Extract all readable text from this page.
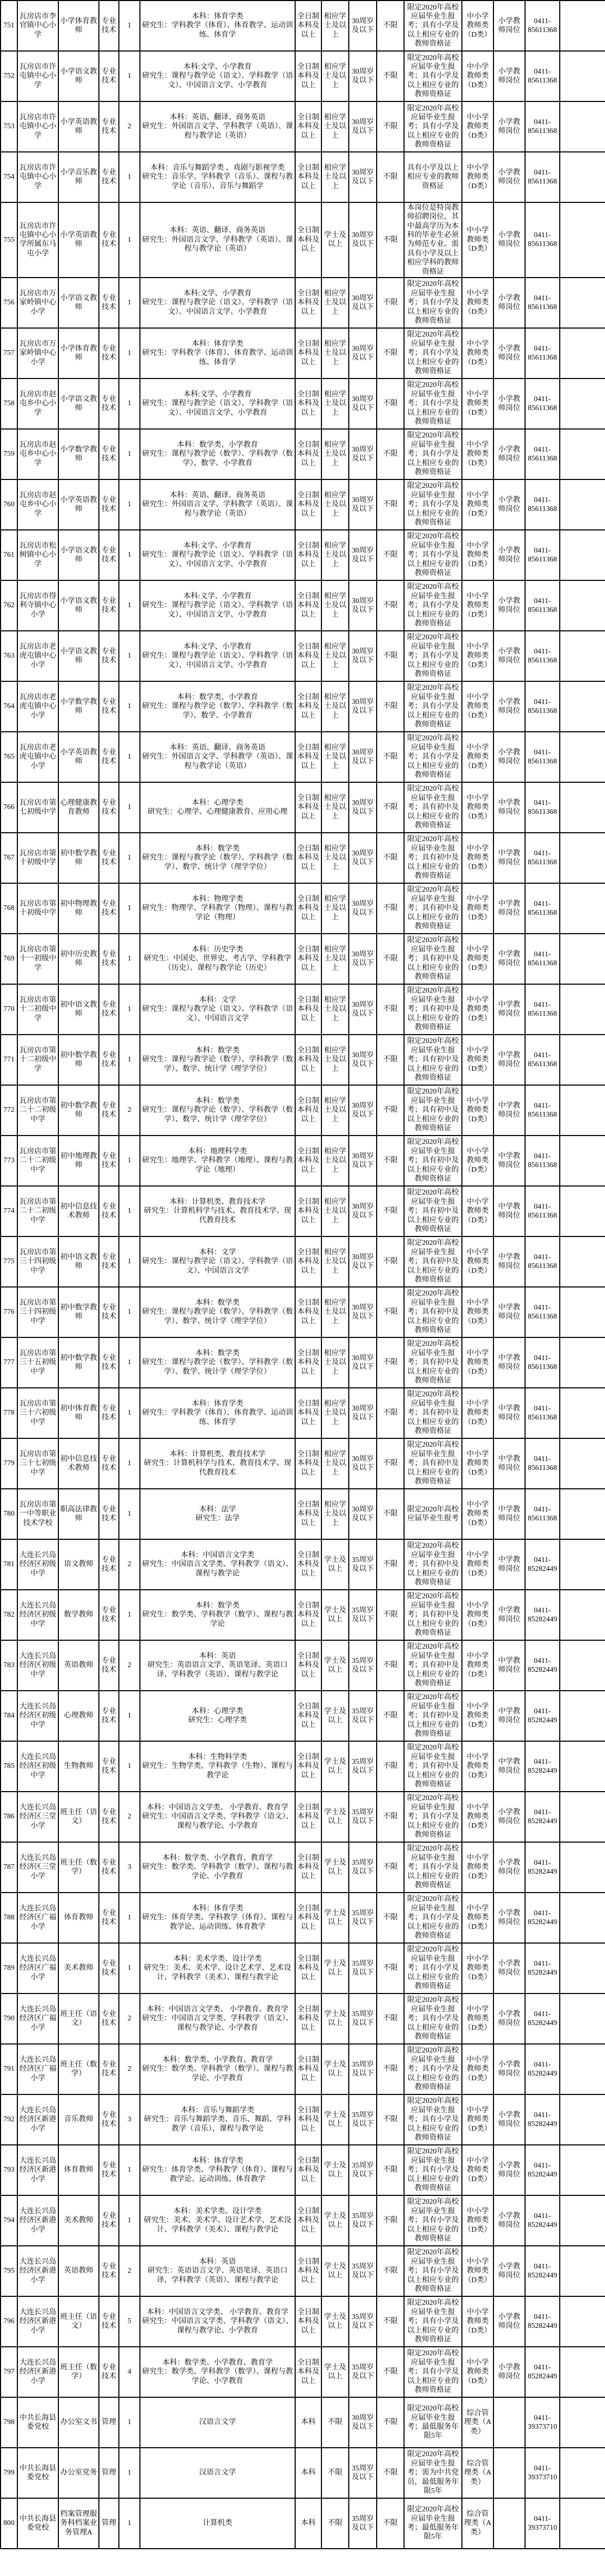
751	瓦房店市李官镇中心小学	小学体育教师	专业技术	1	本科：体育学类
研究生：学科教学（体育）、体育教学、运动训练、体育学	全日制本科及以上	相应学士及以上	30周岁及以下	不限	限定2020年高校应届毕业生报考；具有小学及以上相应专业的教师资格证	中小学教师类（D类）	小学教师岗位	0411-85611368	
752	瓦房店市许屯镇中心小学	小学语文教师	专业技术	1	本科:文学、小学教育
研究生：课程与教学论（语文）、学科教学（语文）、中国语言文学、小学教育	全日制本科及以上	相应学士及以上	30周岁及以下	不限	限定2020年高校应届毕业生报考；具有小学及以上相应专业的教师资格证	中小学教师类（D类）	小学教师岗位	0411-85611368	
753	瓦房店市许屯镇中心小学	小学英语教师	专业技术	2	本科：英语、翻译、商务英语
研究生：外国语言文学、学科教学（英语）、课程与教学论（英语）	全日制本科及以上	相应学士及以上	30周岁及以下	不限	限定2020年高校应届毕业生报考；具有小学及以上相应专业的教师资格证	中小学教师类（D类）	小学教师岗位	0411-85611368	
754	瓦房店市许屯镇中心小学	小学音乐教师	专业技术	1	本科：音乐与舞蹈学类 、戏剧与影视学类
研究生：音乐学、学科教学（音乐）、课程与教学论（音乐）、音乐与舞蹈学	全日制本科及以上	相应学士及以上	30周岁及以下	不限	具有小学及以上相应专业的教师资格证	中小学教师类（D类）	小学教师岗位	0411-85611368	
755	瓦房店市许屯镇中心小学所属东马屯小学	小学英语教师	专业技术	1	本科：英语、翻译、商务英语
研究生：外国语言文学、学科教学（英语）、课程与教学论（英语）	全日制本科及以上	学士及以上	30周岁及以下	不限	本岗位是特岗教师招聘岗位，其中最高学历为本科的毕业生必须为师范专业。需具有小学及以上相应学科的教师资格证	中小学教师类（D类）	小学教师岗位	0411-85611368	
756	瓦房店市万家岭镇中心小学	小学语文教师	专业技术	1	本科:文学、小学教育
研究生：课程与教学论（语文）、学科教学（语文）、中国语言文学、小学教育	全日制本科及以上	相应学士及以上	30周岁及以下	不限	限定2020年高校应届毕业生报考；具有小学及以上相应专业的教师资格证	中小学教师类（D类）	小学教师岗位	0411-85611368	
757	瓦房店市万家岭镇中心小学	小学体育教师	专业技术	1	本科：体育学类
研究生：学科教学（体育）、体育教学、运动训练、体育学	全日制本科及以上	相应学士及以上	30周岁及以下	不限	限定2020年高校应届毕业生报考；具有小学及以上相应专业的教师资格证	中小学教师类（D类）	小学教师岗位	0411-85611368	
758	瓦房店市赵屯乡中心小学	小学语文教师	专业技术	1	本科:文学、小学教育
研究生：课程与教学论（语文）、学科教学（语文）、中国语言文学、小学教育	全日制本科及以上	相应学士及以上	30周岁及以下	不限	限定2020年高校应届毕业生报考；具有小学及以上相应专业的教师资格证	中小学教师类（D类）	小学教师岗位	0411-85611368	
759	瓦房店市赵屯乡中心小学	小学数学教师	专业技术	1	本科：数学类、小学教育
研究生：课程与教学论（数学）、学科教学（数学）、数学、小学教育	全日制本科及以上	相应学士及以上	30周岁及以下	不限	限定2020年高校应届毕业生报考；具有小学及以上相应专业的教师资格证	中小学教师类（D类）	小学教师岗位	0411-85611368	
760	瓦房店市赵屯乡中心小学	小学英语教师	专业技术	1	本科：英语、翻译、商务英语
研究生：外国语言文学、学科教学（英语）、课程与教学论（英语）	全日制本科及以上	相应学士及以上	30周岁及以下	不限	限定2020年高校应届毕业生报考；具有小学及以上相应专业的教师资格证	中小学教师类（D类）	小学教师岗位	0411-85611368	
761	瓦房店市松树镇中心小学	小学语文教师	专业技术	1	本科:文学、小学教育
研究生：课程与教学论（语文）、学科教学（语文）、中国语言文学、小学教育	全日制本科及以上	相应学士及以上	30周岁及以下	不限	限定2020年高校应届毕业生报考；具有小学及以上相应专业的教师资格证	中小学教师类（D类）	小学教师岗位	0411-85611368	
762	瓦房店市得利寺镇中心小学	小学语文教师	专业技术	1	本科:文学、小学教育
研究生：课程与教学论（语文）、学科教学（语文）、中国语言文学、小学教育	全日制本科及以上	相应学士及以上	30周岁及以下	不限	限定2020年高校应届毕业生报考；具有小学及以上相应专业的教师资格证	中小学教师类（D类）	小学教师岗位	0411-85611368	
763	瓦房店市老虎屯镇中心小学	小学语文教师	专业技术	1	本科:文学、小学教育
研究生：课程与教学论（语文）、学科教学（语文）、中国语言文学、小学教育	全日制本科及以上	相应学士及以上	30周岁及以下	不限	限定2020年高校应届毕业生报考；具有小学及以上相应专业的教师资格证	中小学教师类（D类）	小学教师岗位	0411-85611368	
764	瓦房店市老虎屯镇中心小学	小学数学教师	专业技术	1	本科：数学类、小学教育
研究生：课程与教学论（数学）、学科教学（数学）、数学、小学教育	全日制本科及以上	相应学士及以上	30周岁及以下	不限	限定2020年高校应届毕业生报考；具有小学及以上相应专业的教师资格证	中小学教师类（D类）	小学教师岗位	0411-85611368	
765	瓦房店市老虎屯镇中心小学	小学英语教师	专业技术	1	本科：英语、翻译、商务英语
研究生：外国语言文学、学科教学（英语）、课程与教学论（英语）	全日制本科及以上	相应学士及以上	30周岁及以下	不限	限定2020年高校应届毕业生报考；具有小学及以上相应专业的教师资格证	中小学教师类（D类）	小学教师岗位	0411-85611368	
766	瓦房店市第七初级中学	心理健康教育教师	专业技术	1	本科：心理学类
研究生：心理学、心理健康教育、应用心理	全日制本科及以上	相应学士及以上	30周岁及以下	不限	限定2020年高校应届毕业生报考；具有初中及以上相应专业的教师资格证	中小学教师类（D类）	中学教师岗位	0411-85611368	
767	瓦房店市第十初级中学	初中数学教师	专业技术	1	本科：数学类
研究生：课程与教学论（数学）、学科教学（数学）、数学、统计学（理学学位）	全日制本科及以上	相应学士及以上	30周岁及以下	不限	限定2020年高校应届毕业生报考；具有初中及以上相应专业的教师资格证	中小学教师类（D类）	中学教师岗位	0411-85611368	
768	瓦房店市第十初级中学	初中物理教师	专业技术	1	本科：物理学类
研究生：物理学、学科教学（物理）、课程与教学论（物理）	全日制本科及以上	相应学士及以上	30周岁及以下	不限	限定2020年高校应届毕业生报考；具有初中及以上相应专业的教师资格证	中小学教师类（D类）	中学教师岗位	0411-85611368	
769	瓦房店市第十一初级中学	初中历史教师	专业技术	1	本科：历史学类
研究生：中国史、世界史、考古学、学科教学（历史）、课程与教学论（历史）	全日制本科及以上	相应学士及以上	30周岁及以下	不限	限定2020年高校应届毕业生报考；具有初中及以上相应专业的教师资格证	中小学教师类（D类）	中学教师岗位	0411-85611368	
770	瓦房店市第十二初级中学	初中语文教师	专业技术	1	本科：文学
研究生：课程与教学论（语文）、学科教学（语文）、中国语言文学	全日制本科及以上	相应学士及以上	30周岁及以下	不限	限定2020年高校应届毕业生报考；具有初中及以上相应专业的教师资格证	中小学教师类（D类）	中学教师岗位	0411-85611368	
771	瓦房店市第十二初级中学	初中数学教师	专业技术	1	本科：数学类
研究生：课程与教学论（数学）、学科教学（数学）、数学、统计学（理学学位）	全日制本科及以上	相应学士及以上	30周岁及以下	不限	限定2020年高校应届毕业生报考；具有初中及以上相应专业的教师资格证	中小学教师类（D类）	中学教师岗位	0411-85611368	
772	瓦房店市第二十二初级中学	初中数学教师	专业技术	2	本科：数学类
研究生：课程与教学论（数学）、学科教学（数学）、数学、统计学（理学学位）	全日制本科及以上	相应学士及以上	30周岁及以下	不限	限定2020年高校应届毕业生报考；具有初中及以上相应专业的教师资格证	中小学教师类（D类）	中学教师岗位	0411-85611368	
773	瓦房店市第二十二初级中学	初中地理教师	专业技术	1	本科：地理科学类
研究生：地理学、学科教学（地理）、课程与教学论（地理）	全日制本科及以上	相应学士及以上	30周岁及以下	不限	限定2020年高校应届毕业生报考；具有初中及以上相应专业的教师资格证	中小学教师类（D类）	中学教师岗位	0411-85611368	
774	瓦房店市第二十二初级中学	初中信息技术教师	专业技术	1	本科：计算机类、教育技术学
研究生：计算机科学与技术、教育技术学、现代教育技术	全日制本科及以上	相应学士及以上	30周岁及以下	不限	限定2020年高校应届毕业生报考；具有初中及以上相应专业的教师资格证	中小学教师类（D类）	中学教师岗位	0411-85611368	
775	瓦房店市第三十四初级中学	初中语文教师	专业技术	1	本科：文学
研究生：课程与教学论（语文）、学科教学（语文）、中国语言文学	全日制本科及以上	相应学士及以上	30周岁及以下	不限	限定2020年高校应届毕业生报考；具有初中及以上相应专业的教师资格证	中小学教师类（D类）	中学教师岗位	0411-85611368	
776	瓦房店市第三十四初级中学	初中数学教师	专业技术	1	本科：数学类
研究生：课程与教学论（数学）、学科教学（数学）、数学、统计学（理学学位）	全日制本科及以上	相应学士及以上	30周岁及以下	不限	限定2020年高校应届毕业生报考；具有初中及以上相应专业的教师资格证	中小学教师类（D类）	中学教师岗位	0411-85611368	
777	瓦房店市第三十五初级中学	初中数学教师	专业技术	1	本科：数学类
研究生：课程与教学论（数学）、学科教学（数学）、数学、统计学（理学学位）	全日制本科及以上	相应学士及以上	30周岁及以下	不限	限定2020年高校应届毕业生报考；具有初中及以上相应专业的教师资格证	中小学教师类（D类）	中学教师岗位	0411-85611368	
778	瓦房店市第三十六初级中学	初中体育教师	专业技术	1	本科：体育学类
研究生：学科教学（体育）、体育教学、运动训练、体育学	全日制本科及以上	相应学士及以上	30周岁及以下	不限	限定2020年高校应届毕业生报考；具有初中及以上相应专业的教师资格证	中小学教师类（D类）	中学教师岗位	0411-85611368	
779	瓦房店市第三十七初级中学	初中信息技术教师	专业技术	1	本科：计算机类、教育技术学
研究生：计算机科学与技术、教育技术学、现代教育技术	全日制本科及以上	相应学士及以上	30周岁及以下	不限	限定2020年高校应届毕业生报考；具有初中及以上相应专业的教师资格证	中小学教师类（D类）	中学教师岗位	0411-85611368	
780	瓦房店市第一中等职业技术学校	职高法律教师	专业技术	1	本科：法学
研究生：法学	全日制本科及以上	相应学士及以上	30周岁及以下	不限	限定2020年高校应届毕业生报考	中小学教师类（D类）	中学教师岗位	0411-85611368	
781	大连长兴岛经济区初级中学	语文教师	专业技术	2	本科：中国语言文学类
研究生：中国语言文学类、学科教学（语文）、课程与教学论	全日制本科及以上	学士及以上	35周岁及以下	不限	限定2020年高校应届毕业生报考；具有初中及以上相应专业的教师资格证	中小学教师类（D类）	中学教师岗位	0411-85282449	
782	大连长兴岛经济区初级中学	数学教师	专业技术	1	本科：数学类
研究生：数学类、学科教学（数学）、课程与教学论	全日制本科及以上	学士及以上	35周岁及以下	不限	限定2020年高校应届毕业生报考；具有初中及以上相应专业的教师资格证	中小学教师类（D类）	中学教师岗位	0411-85282449	
783	大连长兴岛经济区初级中学	英语教师	专业技术	2	本科：英语
研究生：英语语言文学、英语笔译、英语口译、学科教学（英语）、课程与教学论	全日制本科及以上	学士及以上	35周岁及以下	不限	限定2020年高校应届毕业生报考；具有初中及以上相应专业的教师资格证	中小学教师类（D类）	中学教师岗位	0411-85282449	
784	大连长兴岛经济区初级中学	心理教师	专业技术	1	本科：心理学类
研究生：心理学类	全日制本科及以上	学士及以上	35周岁及以下	不限	限定2020年高校应届毕业生报考；具有初中及以上相应专业的教师资格证	中小学教师类（D类）	中学教师岗位	0411-85282449	
785	大连长兴岛经济区初级中学	生物教师	专业技术	1	本科：生物科学类
研究生：生物学类、学科教学（生物）、课程与教学论	全日制本科及以上	学士及以上	35周岁及以下	不限	限定2020年高校应届毕业生报考；具有初中及以上相应专业的教师资格证	中小学教师类（D类）	中学教师岗位	0411-85282449	
786	大连长兴岛经济区三堂小学	班主任（语文）	专业技术	2	本科：中国语言文学类、 小学教育、教育学
研究生：中国语言文学类、学科教学（语文）、课程与教学论、小学教育	全日制本科及以上	学士及以上	35周岁及以下	不限	限定2020年高校应届毕业生报考；具有小学及以上相应专业的教师资格证	中小学教师类（D类）	小学教师岗位	0411-85282449	
787	大连长兴岛经济区三堂小学	班主任（数学）	专业技术	3	本科：数学类、小学教育、教育学
研究生：数学类、学科教学（数学）、课程与教学论、小学教育	全日制本科及以上	学士及以上	35周岁及以下	不限	限定2020年高校应届毕业生报考；具有小学及以上相应专业的教师资格证	中小学教师类（D类）	小学教师岗位	0411-85282449	
788	大连长兴岛经济区广福小学	体育教师	专业技术	1	本科：体育学类
研究生：体育学类、学科教学（体育）、课程与教学论、运动训练、体育教学	全日制本科及以上	学士及以上	35周岁及以下	不限	限定2020年高校应届毕业生报考；具有小学及以上相应专业的教师资格证	中小学教师类（D类）	小学教师岗位	0411-85282449	
789	大连长兴岛经济区广福小学	美术教师	专业技术	1	本科：美术学类、设计学类
研究生：美术、美术学、设计艺术学、艺术设计、学科教学（美术）、课程与教学论	全日制本科及以上	学士及以上	35周岁及以下	不限	限定2020年高校应届毕业生报考；具有小学及以上相应专业的教师资格证	中小学教师类（D类）	小学教师岗位	0411-85282449	
790	大连长兴岛经济区广福小学	班主任（语文）	专业技术	2	本科：中国语言文学类、 小学教育、教育学
研究生：中国语言文学类、学科教学（语文）、课程与教学论、小学教育	全日制本科及以上	学士及以上	35周岁及以下	不限	限定2020年高校应届毕业生报考；具有小学及以上相应专业的教师资格证	中小学教师类（D类）	小学教师岗位	0411-85282449	
791	大连长兴岛经济区广福小学	班主任（数学）	专业技术	2	本科：数学类、小学教育、教育学
研究生：数学类、学科教学（数学）、课程与教学论、小学教育	全日制本科及以上	学士及以上	35周岁及以下	不限	限定2020年高校应届毕业生报考；具有小学及以上相应专业的教师资格证	中小学教师类（D类）	小学教师岗位	0411-85282449	
792	大连长兴岛经济区新港小学	音乐教师	专业技术	3	本科：音乐与舞蹈学类
研究生：音乐与舞蹈学类、音乐、舞蹈、学科教学（音乐）、课程与教学论	全日制本科及以上	学士及以上	35周岁及以下	不限	限定2020年高校应届毕业生报考；具有小学及以上相应专业的教师资格证	中小学教师类（D类）	小学教师岗位	0411-85282449	
793	大连长兴岛经济区新港小学	体育教师	专业技术	1	本科：体育学类
研究生：体育学类、学科教学（体育）、课程与教学论、运动训练、体育教学	全日制本科及以上	学士及以上	35周岁及以下	不限	限定2020年高校应届毕业生报考；具有小学及以上相应专业的教师资格证	中小学教师类（D类）	小学教师岗位	0411-85282449	
794	大连长兴岛经济区新港小学	美术教师	专业技术	1	本科：美术学类、设计学类
研究生：美术、美术学、设计艺术学、艺术设计、学科教学（美术）、课程与教学论	全日制本科及以上	学士及以上	35周岁及以下	不限	限定2020年高校应届毕业生报考；具有小学及以上相应专业的教师资格证	中小学教师类（D类）	小学教师岗位	0411-85282449	
795	大连长兴岛经济区新港小学	英语教师	专业技术	2	本科：英语
研究生：英语语言文学、英语笔译、英语口译、学科教学（英语）、课程与教学论	全日制本科及以上	学士及以上	35周岁及以下	不限	限定2020年高校应届毕业生报考；具有小学及以上相应专业的教师资格证	中小学教师类（D类）	小学教师岗位	0411-85282449	
796	大连长兴岛经济区新港小学	班主任（语文）	专业技术	5	本科：中国语言文学类、 小学教育、教育学
研究生：中国语言文学类、学科教学（语文）、课程与教学论、小学教育	全日制本科及以上	学士及以上	35周岁及以下	不限	限定2020年高校应届毕业生报考；具有小学及以上相应专业的教师资格证	中小学教师类（D类）	小学教师岗位	0411-85282449	
797	大连长兴岛经济区新港小学	班主任（数学）	专业技术	4	本科：数学类、小学教育、教育学
研究生：数学类、学科教学（数学）、课程与教学论、小学教育	全日制本科及以上	学士及以上	35周岁及以下	不限	限定2020年高校应届毕业生报考；具有小学及以上相应专业的教师资格证	中小学教师类（D类）	小学教师岗位	0411-85282449	
798	中共长海县委党校	办公室文书	管理	1	汉语言文学	本科	不限	30周岁及以下	不限	限定2020年高校应届毕业生报考；最低服务年限5年	综合管理类（A类）		0411-39373710	
799	中共长海县委党校	办公室党务	管理	1	汉语言文学	本科	不限	35周岁及以下	不限	限定2020年高校应届毕业生报考；需为中共党员，最低服务年限5年	综合管理类（A类）		0411-39373710	
800	中共长海县委党校	档案管理服务科档案业务管理A	管理	1	计算机类	本科	不限	35周岁及以下	不限	限定2020年高校应届毕业生报考；最低服务年限5年	综合管理类（A类）		0411-39373710	
